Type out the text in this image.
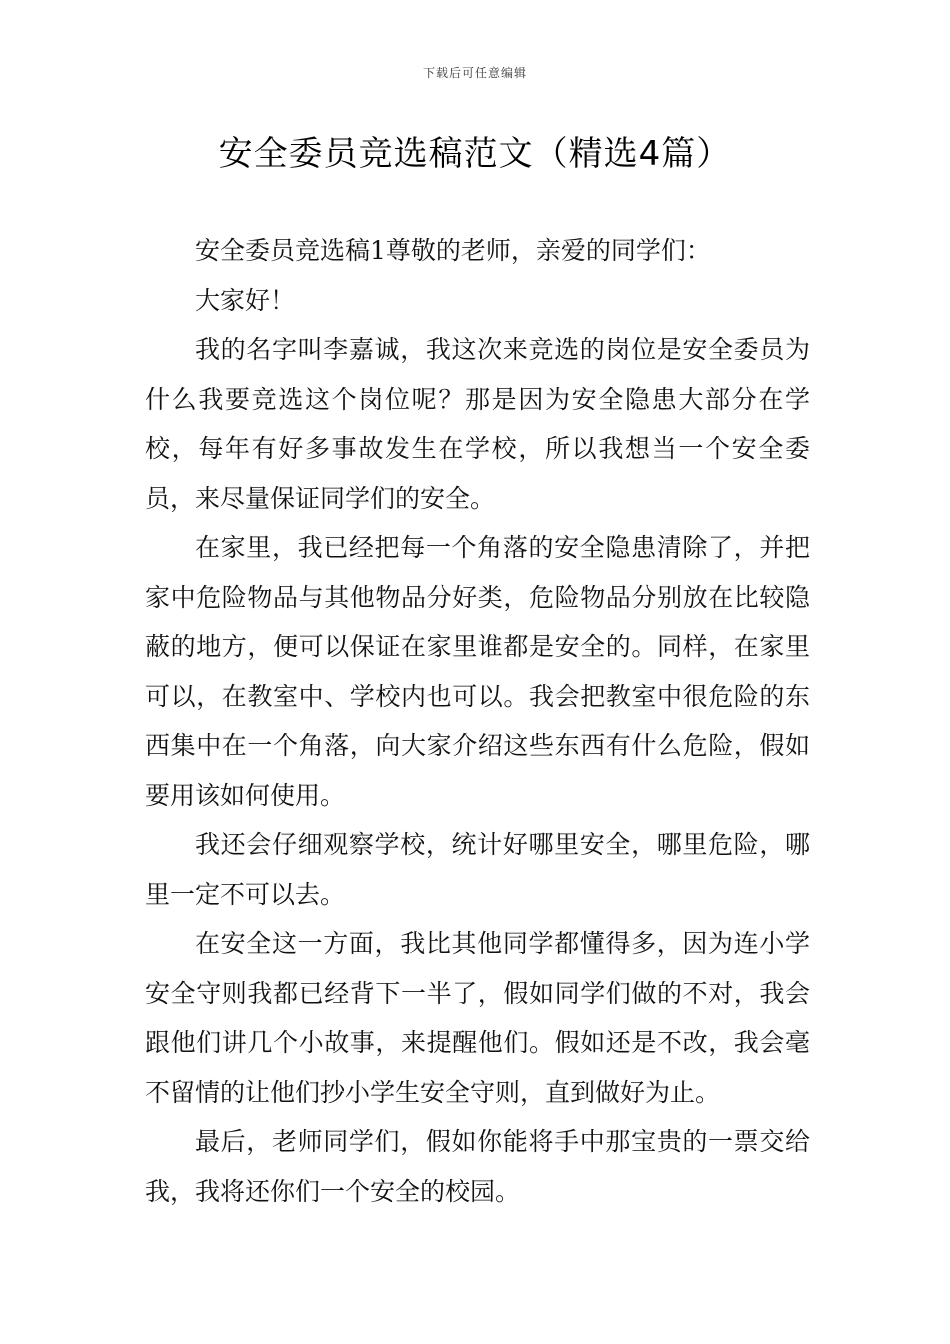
下载后可任意编辑
安全委员竞选稿范文（精选4篇）

安全委员竞选稿1尊敬的老师，亲爱的同学们：

大家好！

我的名字叫李嘉诚，我这次来竞选的岗位是安全委员为什么我要竞选这个岗位呢？那是因为安全隐患大部分在学校，每年有好多事故发生在学校，所以我想当一个安全委员，来尽量保证同学们的安全。

在家里，我已经把每一个角落的安全隐患清除了，并把家中危险物品与其他物品分好类，危险物品分别放在比较隐蔽的地方，便可以保证在家里谁都是安全的。同样，在家里可以，在教室中、学校内也可以。我会把教室中很危险的东西集中在一个角落，向大家介绍这些东西有什么危险，假如要用该如何使用。

我还会仔细观察学校，统计好哪里安全，哪里危险，哪里一定不可以去。

在安全这一方面，我比其他同学都懂得多，因为连小学安全守则我都已经背下一半了，假如同学们做的不对，我会跟他们讲几个小故事，来提醒他们。假如还是不改，我会毫不留情的让他们抄小学生安全守则，直到做好为止。

最后，老师同学们，假如你能将手中那宝贵的一票交给我，我将还你们一个安全的校园。
